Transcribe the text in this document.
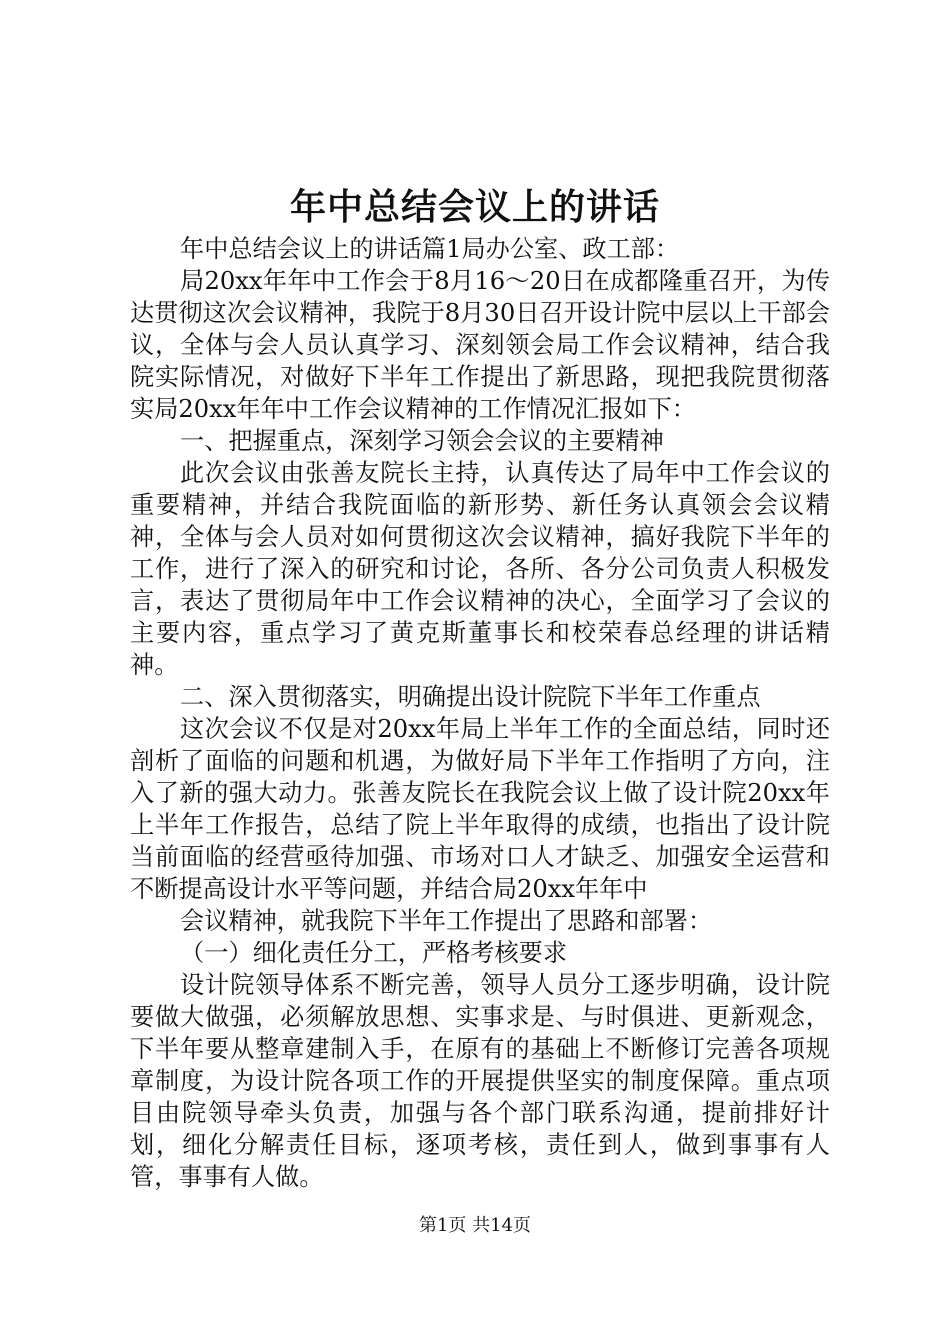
年中总结会议上的讲话

年中总结会议上的讲话篇1局办公室、政工部：

局20xx年年中工作会于8月16～20日在成都隆重召开，为传达贯彻这次会议精神，我院于8月30日召开设计院中层以上干部会议，全体与会人员认真学习、深刻领会局工作会议精神，结合我院实际情况，对做好下半年工作提出了新思路，现把我院贯彻落实局20xx年年中工作会议精神的工作情况汇报如下：

一、把握重点，深刻学习领会会议的主要精神

此次会议由张善友院长主持，认真传达了局年中工作会议的重要精神，并结合我院面临的新形势、新任务认真领会会议精神，全体与会人员对如何贯彻这次会议精神，搞好我院下半年的工作，进行了深入的研究和讨论，各所、各分公司负责人积极发言，表达了贯彻局年中工作会议精神的决心，全面学习了会议的主要内容，重点学习了黄克斯董事长和校荣春总经理的讲话精神。

二、深入贯彻落实，明确提出设计院院下半年工作重点

这次会议不仅是对20xx年局上半年工作的全面总结，同时还剖析了面临的问题和机遇，为做好局下半年工作指明了方向，注入了新的强大动力。张善友院长在我院会议上做了设计院20xx年上半年工作报告，总结了院上半年取得的成绩，也指出了设计院当前面临的经营亟待加强、市场对口人才缺乏、加强安全运营和不断提高设计水平等问题，并结合局20xx年年中

会议精神，就我院下半年工作提出了思路和部署：

（一）细化责任分工，严格考核要求

设计院领导体系不断完善，领导人员分工逐步明确，设计院要做大做强，必须解放思想、实事求是、与时俱进、更新观念，下半年要从整章建制入手，在原有的基础上不断修订完善各项规章制度，为设计院各项工作的开展提供坚实的制度保障。重点项目由院领导牵头负责，加强与各个部门联系沟通，提前排好计划，细化分解责任目标，逐项考核，责任到人，做到事事有人管，事事有人做。

第1页 共14页
